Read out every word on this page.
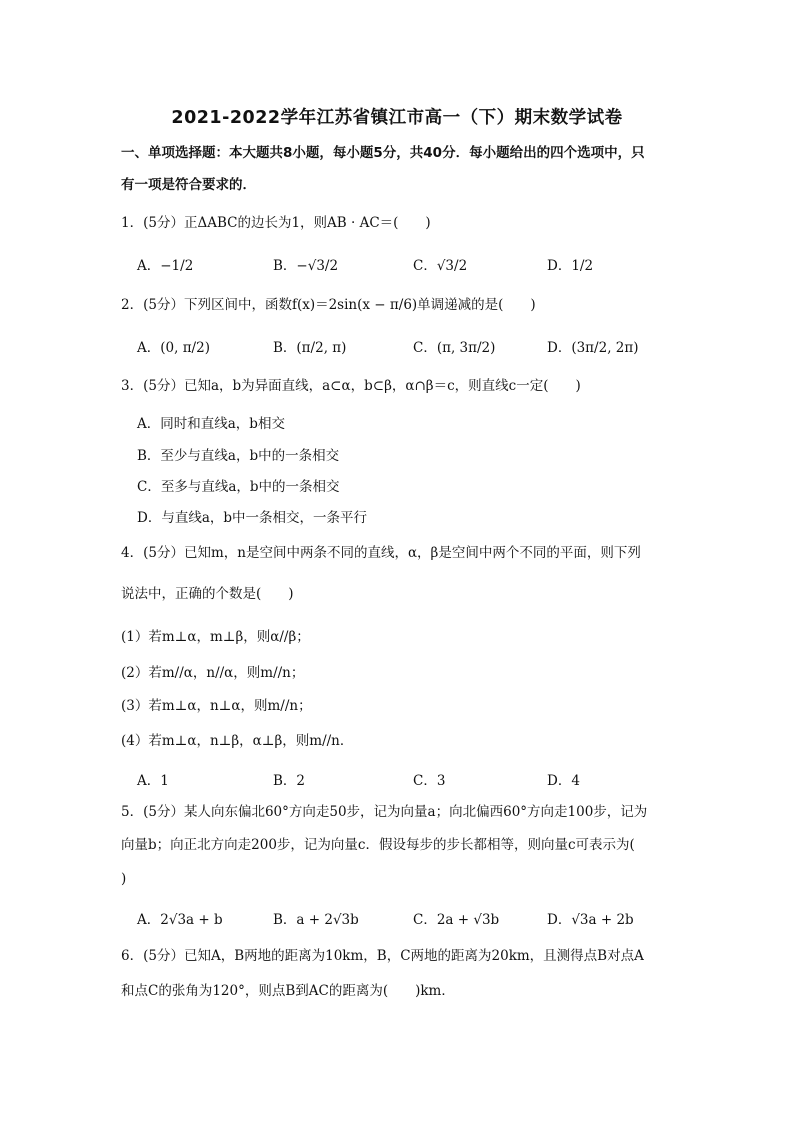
2021-2022学年江苏省镇江市高一（下）期末数学试卷
一、单项选择题：本大题共8小题，每小题5分，共40分．每小题给出的四个选项中，只
有一项是符合要求的．
1．(5分）正ΔABC的边长为1，则AB · AC＝(　　)
A．−1/2	B．−√3/2	C．√3/2	D．1/2
2．(5分）下列区间中，函数f(x)＝2sin(x − π/6)单调递减的是(　　)
A．(0, π/2)	B．(π/2, π)	C．(π, 3π/2)	D．(3π/2, 2π)
3．(5分）已知a，b为异面直线，a⊂α，b⊂β，α∩β＝c，则直线c一定(　　)
A．同时和直线a，b相交
B．至少与直线a，b中的一条相交
C．至多与直线a，b中的一条相交
D．与直线a，b中一条相交，一条平行
4．(5分）已知m，n是空间中两条不同的直线，α，β是空间中两个不同的平面，则下列
说法中，正确的个数是(　　)
(1）若m⊥α，m⊥β，则α//β；
(2）若m//α，n//α，则m//n；
(3）若m⊥α，n⊥α，则m//n；
(4）若m⊥α，n⊥β，α⊥β，则m//n．
A．1	B．2	C．3	D．4
5．(5分）某人向东偏北60°方向走50步，记为向量a；向北偏西60°方向走100步，记为
向量b；向正北方向走200步，记为向量c．假设每步的步长都相等，则向量c可表示为(
)
A．2√3a + b	B．a + 2√3b	C．2a + √3b	D．√3a + 2b
6．(5分）已知A，B两地的距离为10km，B，C两地的距离为20km，且测得点B对点A
和点C的张角为120°，则点B到AC的距离为(　　)km．
